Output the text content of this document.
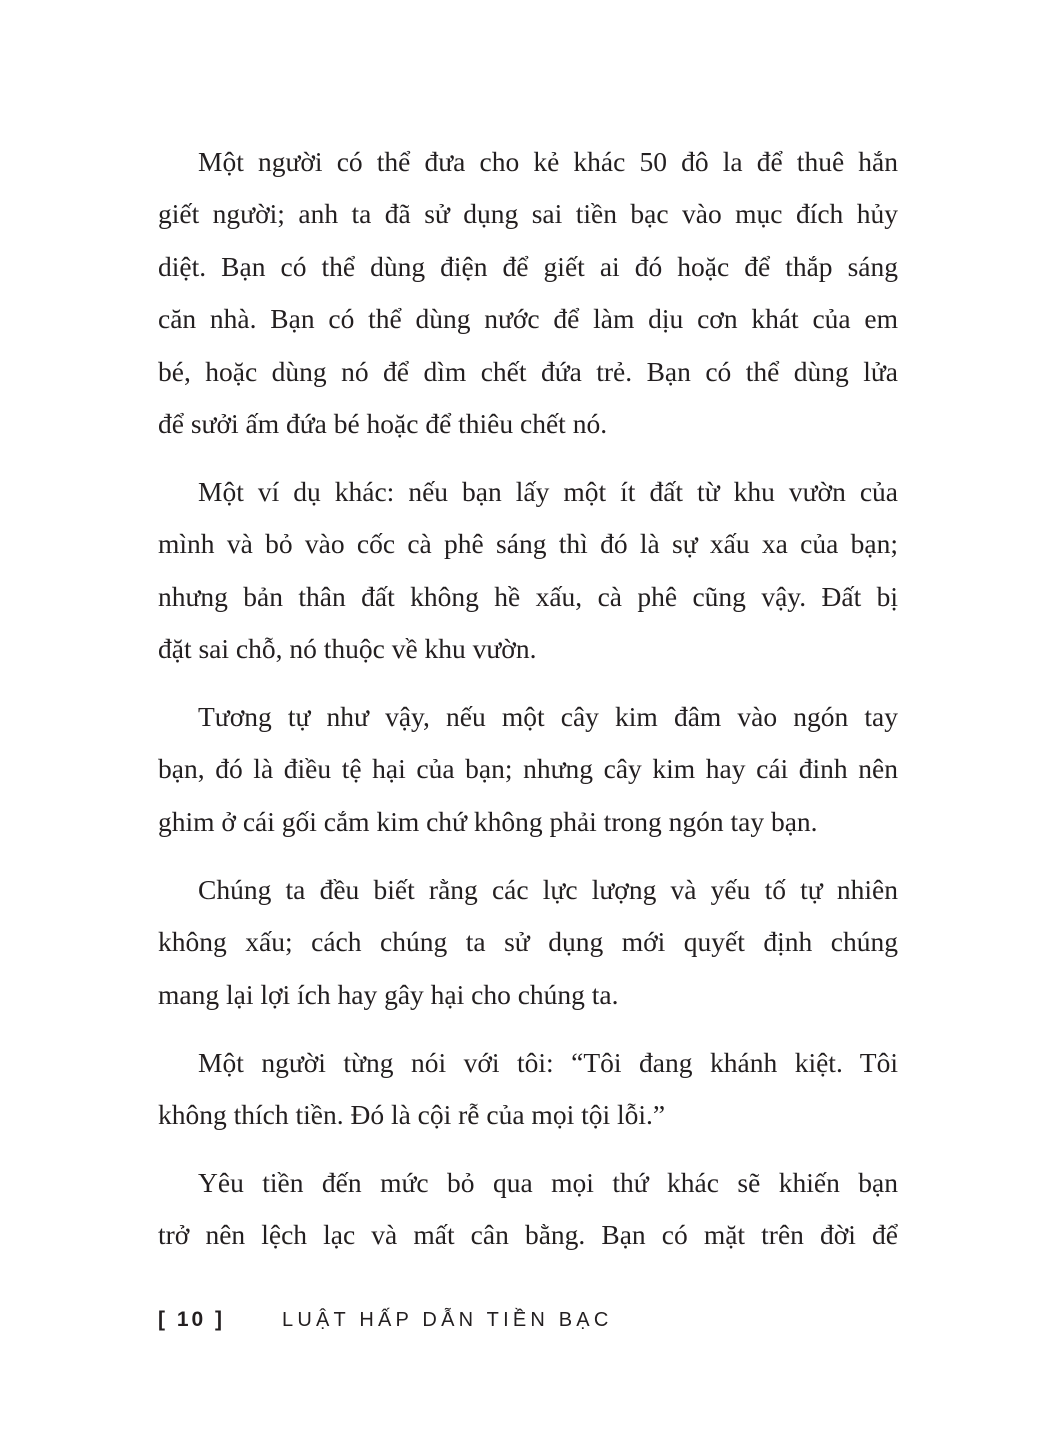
Một người có thể đưa cho kẻ khác 50 đô la để thuê hắn
giết người; anh ta đã sử dụng sai tiền bạc vào mục đích hủy
diệt. Bạn có thể dùng điện để giết ai đó hoặc để thắp sáng
căn nhà. Bạn có thể dùng nước để làm dịu cơn khát của em
bé, hoặc dùng nó để dìm chết đứa trẻ. Bạn có thể dùng lửa
để sưởi ấm đứa bé hoặc để thiêu chết nó.
Một ví dụ khác: nếu bạn lấy một ít đất từ khu vườn của
mình và bỏ vào cốc cà phê sáng thì đó là sự xấu xa của bạn;
nhưng bản thân đất không hề xấu, cà phê cũng vậy. Đất bị
đặt sai chỗ, nó thuộc về khu vườn.
Tương tự như vậy, nếu một cây kim đâm vào ngón tay
bạn, đó là điều tệ hại của bạn; nhưng cây kim hay cái đinh nên
ghim ở cái gối cắm kim chứ không phải trong ngón tay bạn.
Chúng ta đều biết rằng các lực lượng và yếu tố tự nhiên
không xấu; cách chúng ta sử dụng mới quyết định chúng
mang lại lợi ích hay gây hại cho chúng ta.
Một người từng nói với tôi: “Tôi đang khánh kiệt. Tôi
không thích tiền. Đó là cội rễ của mọi tội lỗi.”
Yêu tiền đến mức bỏ qua mọi thứ khác sẽ khiến bạn
trở nên lệch lạc và mất cân bằng. Bạn có mặt trên đời để
[ 10 ]	LUẬT HẤP DẪN TIỀN BẠC
